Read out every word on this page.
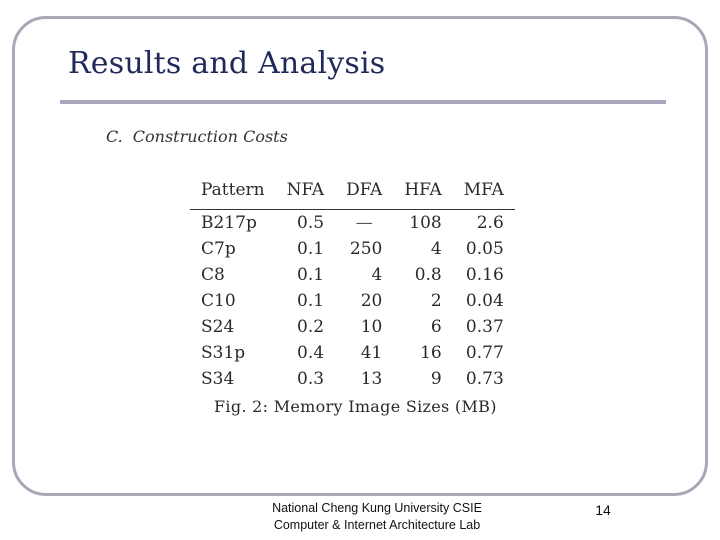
Results and Analysis
C. Construction Costs
Pattern	NFA	DFA	HFA	MFA
B217p	0.5	—	108	2.6
C7p	0.1	250	4	0.05
C8	0.1	4	0.8	0.16
C10	0.1	20	2	0.04
S24	0.2	10	6	0.37
S31p	0.4	41	16	0.77
S34	0.3	13	9	0.73
Fig. 2: Memory Image Sizes (MB)
National Cheng Kung University CSIE
Computer & Internet Architecture Lab
14
